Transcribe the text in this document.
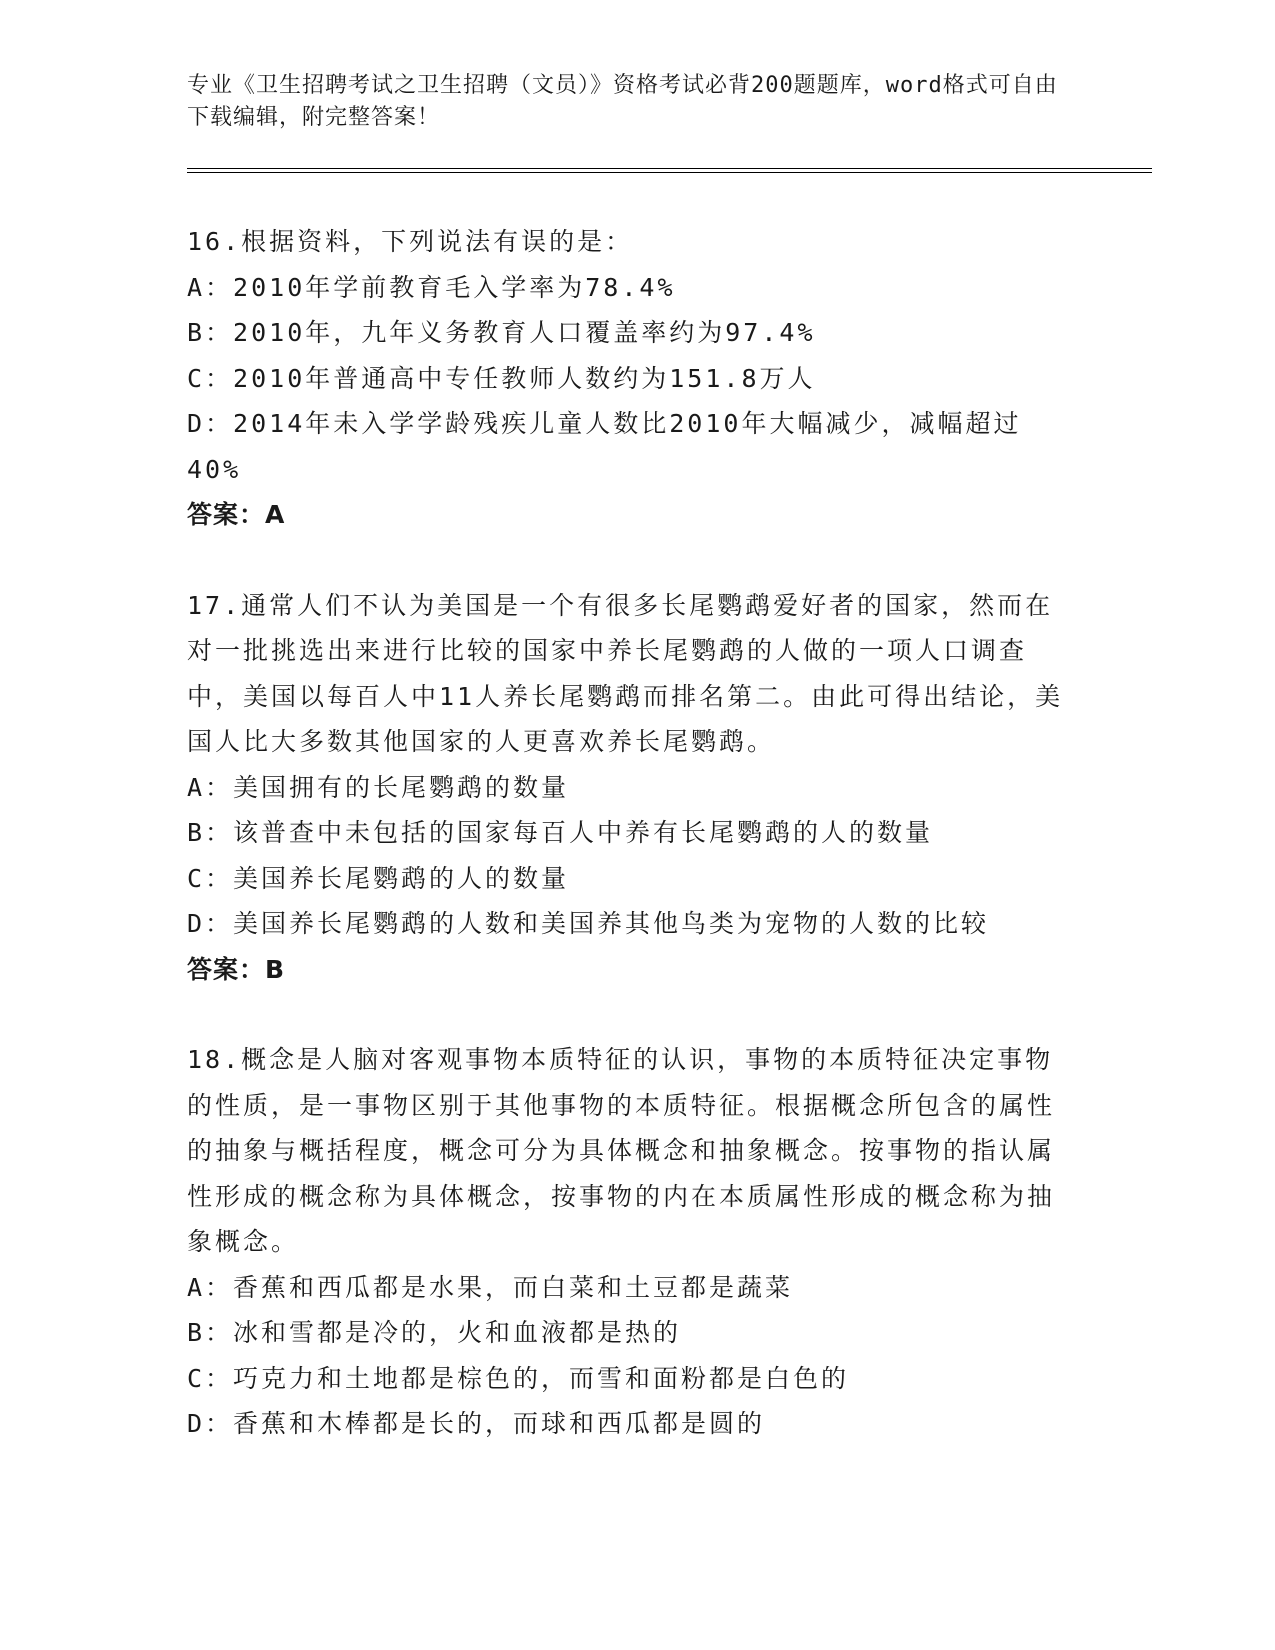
专业《卫生招聘考试之卫生招聘（文员）》资格考试必背200题题库，word格式可自由下载编辑，附完整答案！

16.根据资料，下列说法有误的是：

A：2010年学前教育毛入学率为78.4%

B：2010年，九年义务教育人口覆盖率约为97.4%

C：2010年普通高中专任教师人数约为151.8万人

D：2014年未入学学龄残疾儿童人数比2010年大幅减少，减幅超过40%

答案：A

17.通常人们不认为美国是一个有很多长尾鹦鹉爱好者的国家，然而在对一批挑选出来进行比较的国家中养长尾鹦鹉的人做的一项人口调查中，美国以每百人中11人养长尾鹦鹉而排名第二。由此可得出结论，美国人比大多数其他国家的人更喜欢养长尾鹦鹉。

A：美国拥有的长尾鹦鹉的数量

B：该普查中未包括的国家每百人中养有长尾鹦鹉的人的数量

C：美国养长尾鹦鹉的人的数量

D：美国养长尾鹦鹉的人数和美国养其他鸟类为宠物的人数的比较

答案：B

18.概念是人脑对客观事物本质特征的认识，事物的本质特征决定事物的性质，是一事物区别于其他事物的本质特征。根据概念所包含的属性的抽象与概括程度，概念可分为具体概念和抽象概念。按事物的指认属性形成的概念称为具体概念，按事物的内在本质属性形成的概念称为抽象概念。

A：香蕉和西瓜都是水果，而白菜和土豆都是蔬菜

B：冰和雪都是冷的，火和血液都是热的

C：巧克力和土地都是棕色的，而雪和面粉都是白色的

D：香蕉和木棒都是长的，而球和西瓜都是圆的
